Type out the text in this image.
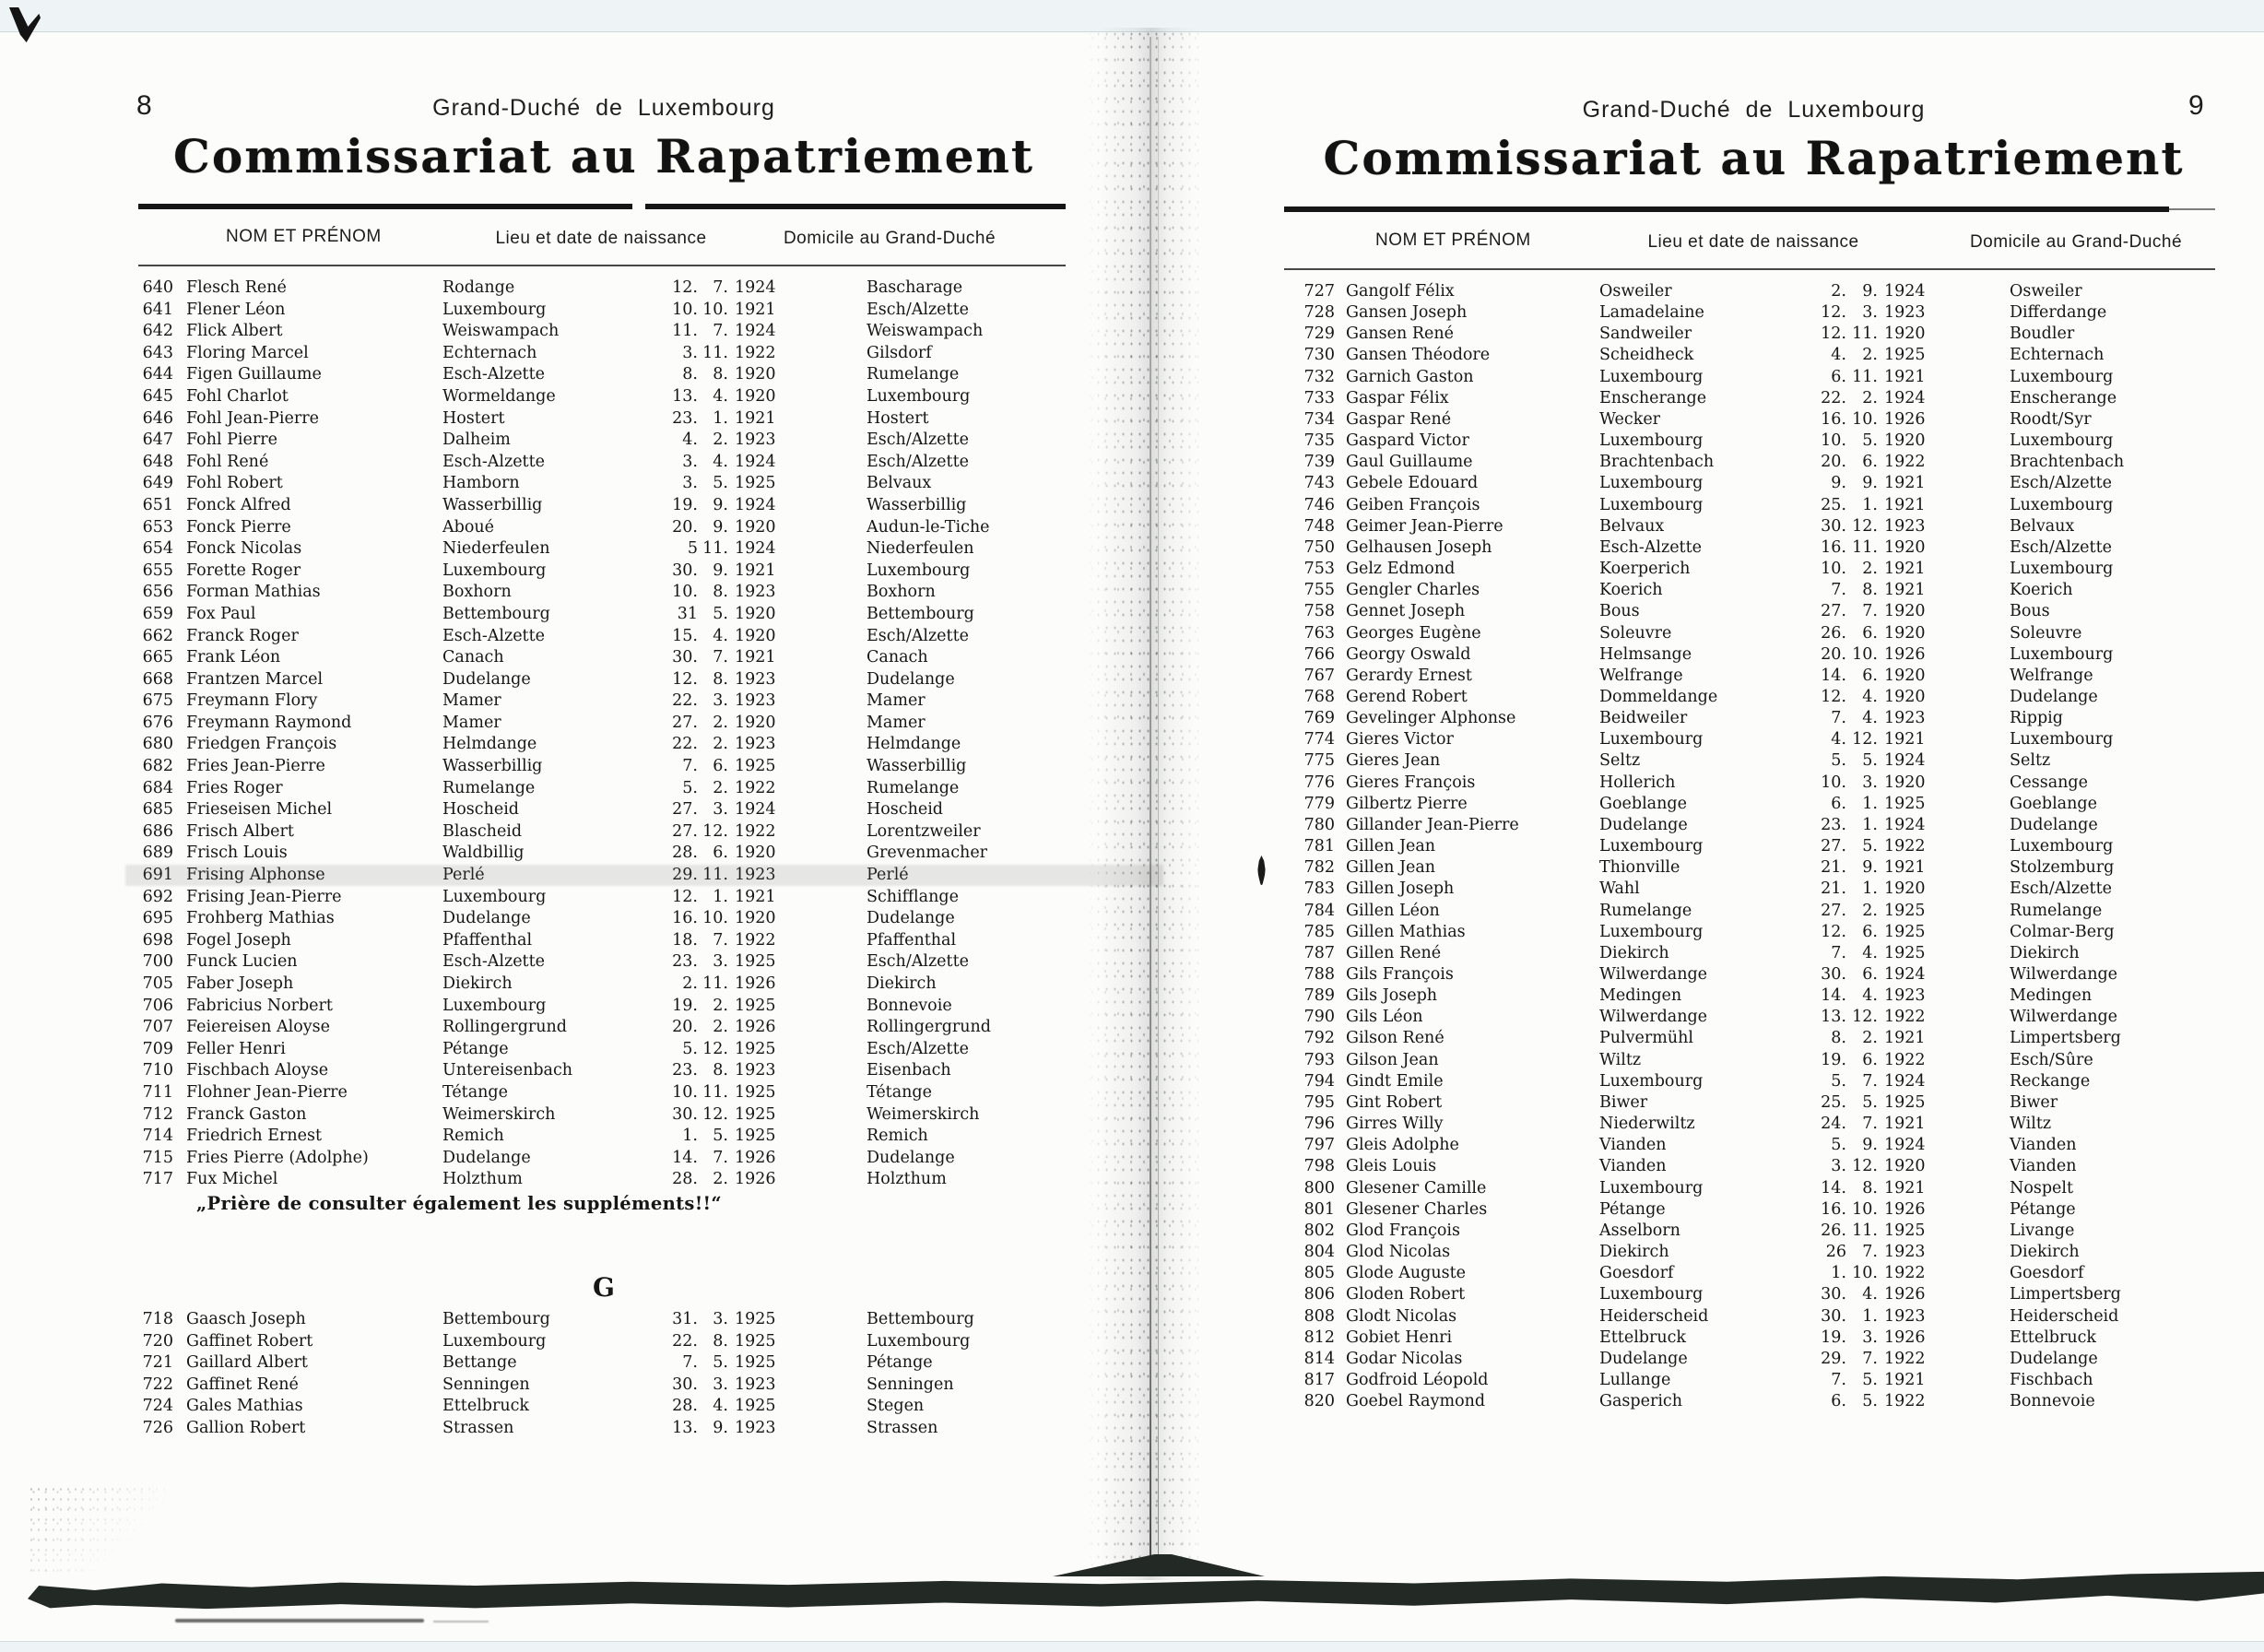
8	Grand-Duché de Luxembourg
Commissariat au Rapatriement
NOM ET PRÉNOM	Lieu et date de naissance	Domicile au Grand-Duché
640 Flesch René	Rodange	12. 7. 1924	Bascharage
641 Flener Léon	Luxembourg	10. 10. 1921	Esch/Alzette
642 Flick Albert	Weiswampach	11. 7. 1924	Weiswampach
643 Floring Marcel	Echternach	3. 11. 1922	Gilsdorf
644 Figen Guillaume	Esch-Alzette	8. 8. 1920	Rumelange
645 Fohl Charlot	Wormeldange	13. 4. 1920	Luxembourg
646 Fohl Jean-Pierre	Hostert	23. 1. 1921	Hostert
647 Fohl Pierre	Dalheim	4. 2. 1923	Esch/Alzette
648 Fohl René	Esch-Alzette	3. 4. 1924	Esch/Alzette
649 Fohl Robert	Hamborn	3. 5. 1925	Belvaux
651 Fonck Alfred	Wasserbillig	19. 9. 1924	Wasserbillig
653 Fonck Pierre	Aboué	20. 9. 1920	Audun-le-Tiche
654 Fonck Nicolas	Niederfeulen	5 11. 1924	Niederfeulen
655 Forette Roger	Luxembourg	30. 9. 1921	Luxembourg
656 Forman Mathias	Boxhorn	10. 8. 1923	Boxhorn
659 Fox Paul	Bettembourg	31 5. 1920	Bettembourg
662 Franck Roger	Esch-Alzette	15. 4. 1920	Esch/Alzette
665 Frank Léon	Canach	30. 7. 1921	Canach
668 Frantzen Marcel	Dudelange	12. 8. 1923	Dudelange
675 Freymann Flory	Mamer	22. 3. 1923	Mamer
676 Freymann Raymond	Mamer	27. 2. 1920	Mamer
680 Friedgen François	Helmdange	22. 2. 1923	Helmdange
682 Fries Jean-Pierre	Wasserbillig	7. 6. 1925	Wasserbillig
684 Fries Roger	Rumelange	5. 2. 1922	Rumelange
685 Frieseisen Michel	Hoscheid	27. 3. 1924	Hoscheid
686 Frisch Albert	Blascheid	27. 12. 1922	Lorentzweiler
689 Frisch Louis	Waldbillig	28. 6. 1920	Grevenmacher
691 Frising Alphonse	Perlé	29. 11. 1923	Perlé
692 Frising Jean-Pierre	Luxembourg	12. 1. 1921	Schifflange
695 Frohberg Mathias	Dudelange	16. 10. 1920	Dudelange
698 Fogel Joseph	Pfaffenthal	18. 7. 1922	Pfaffenthal
700 Funck Lucien	Esch-Alzette	23. 3. 1925	Esch/Alzette
705 Faber Joseph	Diekirch	2. 11. 1926	Diekirch
706 Fabricius Norbert	Luxembourg	19. 2. 1925	Bonnevoie
707 Feiereisen Aloyse	Rollingergrund	20. 2. 1926	Rollingergrund
709 Feller Henri	Pétange	5. 12. 1925	Esch/Alzette
710 Fischbach Aloyse	Untereisenbach	23. 8. 1923	Eisenbach
711 Flohner Jean-Pierre	Tétange	10. 11. 1925	Tétange
712 Franck Gaston	Weimerskirch	30. 12. 1925	Weimerskirch
714 Friedrich Ernest	Remich	1. 5. 1925	Remich
715 Fries Pierre (Adolphe)	Dudelange	14. 7. 1926	Dudelange
717 Fux Michel	Holzthum	28. 2. 1926	Holzthum
„Prière de consulter également les suppléments!!“
G
718 Gaasch Joseph	Bettembourg	31. 3. 1925	Bettembourg
720 Gaffinet Robert	Luxembourg	22. 8. 1925	Luxembourg
721 Gaillard Albert	Bettange	7. 5. 1925	Pétange
722 Gaffinet René	Senningen	30. 3. 1923	Senningen
724 Gales Mathias	Ettelbruck	28. 4. 1925	Stegen
726 Gallion Robert	Strassen	13. 9. 1923	Strassen
9
Grand-Duché de Luxembourg
Commissariat au Rapatriement
NOM ET PRÉNOM	Lieu et date de naissance	Domicile au Grand-Duché
727 Gangolf Félix	Osweiler	2. 9. 1924	Osweiler
728 Gansen Joseph	Lamadelaine	12. 3. 1923	Differdange
729 Gansen René	Sandweiler	12. 11. 1920	Boudler
730 Gansen Théodore	Scheidheck	4. 2. 1925	Echternach
732 Garnich Gaston	Luxembourg	6. 11. 1921	Luxembourg
733 Gaspar Félix	Enscherange	22. 2. 1924	Enscherange
734 Gaspar René	Wecker	16. 10. 1926	Roodt/Syr
735 Gaspard Victor	Luxembourg	10. 5. 1920	Luxembourg
739 Gaul Guillaume	Brachtenbach	20. 6. 1922	Brachtenbach
743 Gebele Edouard	Luxembourg	9. 9. 1921	Esch/Alzette
746 Geiben François	Luxembourg	25. 1. 1921	Luxembourg
748 Geimer Jean-Pierre	Belvaux	30. 12. 1923	Belvaux
750 Gelhausen Joseph	Esch-Alzette	16. 11. 1920	Esch/Alzette
753 Gelz Edmond	Koerperich	10. 2. 1921	Luxembourg
755 Gengler Charles	Koerich	7. 8. 1921	Koerich
758 Gennet Joseph	Bous	27. 7. 1920	Bous
763 Georges Eugène	Soleuvre	26. 6. 1920	Soleuvre
766 Georgy Oswald	Helmsange	20. 10. 1926	Luxembourg
767 Gerardy Ernest	Welfrange	14. 6. 1920	Welfrange
768 Gerend Robert	Dommeldange	12. 4. 1920	Dudelange
769 Gevelinger Alphonse	Beidweiler	7. 4. 1923	Rippig
774 Gieres Victor	Luxembourg	4. 12. 1921	Luxembourg
775 Gieres Jean	Seltz	5. 5. 1924	Seltz
776 Gieres François	Hollerich	10. 3. 1920	Cessange
779 Gilbertz Pierre	Goeblange	6. 1. 1925	Goeblange
780 Gillander Jean-Pierre	Dudelange	23. 1. 1924	Dudelange
781 Gillen Jean	Luxembourg	27. 5. 1922	Luxembourg
782 Gillen Jean	Thionville	21. 9. 1921	Stolzemburg
783 Gillen Joseph	Wahl	21. 1. 1920	Esch/Alzette
784 Gillen Léon	Rumelange	27. 2. 1925	Rumelange
785 Gillen Mathias	Luxembourg	12. 6. 1925	Colmar-Berg
787 Gillen René	Diekirch	7. 4. 1925	Diekirch
788 Gils François	Wilwerdange	30. 6. 1924	Wilwerdange
789 Gils Joseph	Medingen	14. 4. 1923	Medingen
790 Gils Léon	Wilwerdange	13. 12. 1922	Wilwerdange
792 Gilson René	Pulvermühl	8. 2. 1921	Limpertsberg
793 Gilson Jean	Wiltz	19. 6. 1922	Esch/Sûre
794 Gindt Emile	Luxembourg	5. 7. 1924	Reckange
795 Gint Robert	Biwer	25. 5. 1925	Biwer
796 Girres Willy	Niederwiltz	24. 7. 1921	Wiltz
797 Gleis Adolphe	Vianden	5. 9. 1924	Vianden
798 Gleis Louis	Vianden	3. 12. 1920	Vianden
800 Glesener Camille	Luxembourg	14. 8. 1921	Nospelt
801 Glesener Charles	Pétange	16. 10. 1926	Pétange
802 Glod François	Asselborn	26. 11. 1925	Livange
804 Glod Nicolas	Diekirch	26 7. 1923	Diekirch
805 Glode Auguste	Goesdorf	1. 10. 1922	Goesdorf
806 Gloden Robert	Luxembourg	30. 4. 1926	Limpertsberg
808 Glodt Nicolas	Heiderscheid	30. 1. 1923	Heiderscheid
812 Gobiet Henri	Ettelbruck	19. 3. 1926	Ettelbruck
814 Godar Nicolas	Dudelange	29. 7. 1922	Dudelange
817 Godfroid Léopold	Lullange	7. 5. 1921	Fischbach
820 Goebel Raymond	Gasperich	6. 5. 1922	Bonnevoie
